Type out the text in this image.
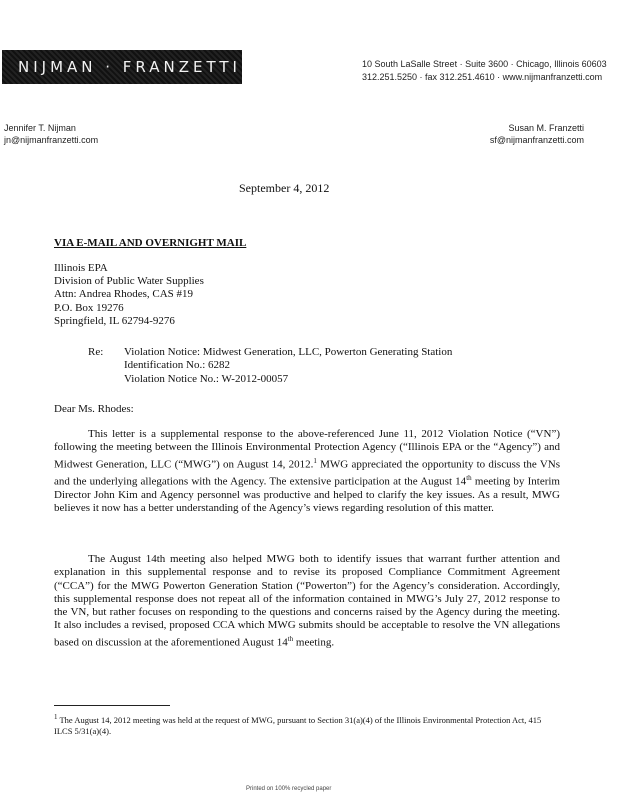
NIJMAN · FRANZETTI	10 South LaSalle Street · Suite 3600 · Chicago, Illinois 60603
312.251.5250 · fax 312.251.4610 · www.nijmanfranzetti.com
Jennifer T. Nijman
jn@nijmanfranzetti.com
Susan M. Franzetti
sf@nijmanfranzetti.com
September 4, 2012
VIA E-MAIL AND OVERNIGHT MAIL
Illinois EPA
Division of Public Water Supplies
Attn: Andrea Rhodes, CAS #19
P.O. Box 19276
Springfield, IL 62794-9276
Re: Violation Notice: Midwest Generation, LLC, Powerton Generating Station
Identification No.: 6282
Violation Notice No.: W-2012-00057
Dear Ms. Rhodes:
This letter is a supplemental response to the above-referenced June 11, 2012 Violation Notice (“VN”) following the meeting between the Illinois Environmental Protection Agency (“Illinois EPA or the “Agency”) and Midwest Generation, LLC (“MWG”) on August 14, 2012.$^1$ MWG appreciated the opportunity to discuss the VNs and the underlying allegations with the Agency. The extensive participation at the August 14th meeting by Interim Director John Kim and Agency personnel was productive and helped to clarify the key issues. As a result, MWG believes it now has a better understanding of the Agency’s views regarding resolution of this matter.
The August 14th meeting also helped MWG both to identify issues that warrant further attention and explanation in this supplemental response and to revise its proposed Compliance Commitment Agreement (“CCA”) for the MWG Powerton Generation Station (“Powerton”) for the Agency’s consideration. Accordingly, this supplemental response does not repeat all of the information contained in MWG’s July 27, 2012 response to the VN, but rather focuses on responding to the questions and concerns raised by the Agency during the meeting. It also includes a revised, proposed CCA which MWG submits should be acceptable to resolve the VN allegations based on discussion at the aforementioned August 14th meeting.
$^1$ The August 14, 2012 meeting was held at the request of MWG, pursuant to Section 31(a)(4) of the Illinois Environmental Protection Act, 415 ILCS 5/31(a)(4).
Printed on 100% recycled paper
